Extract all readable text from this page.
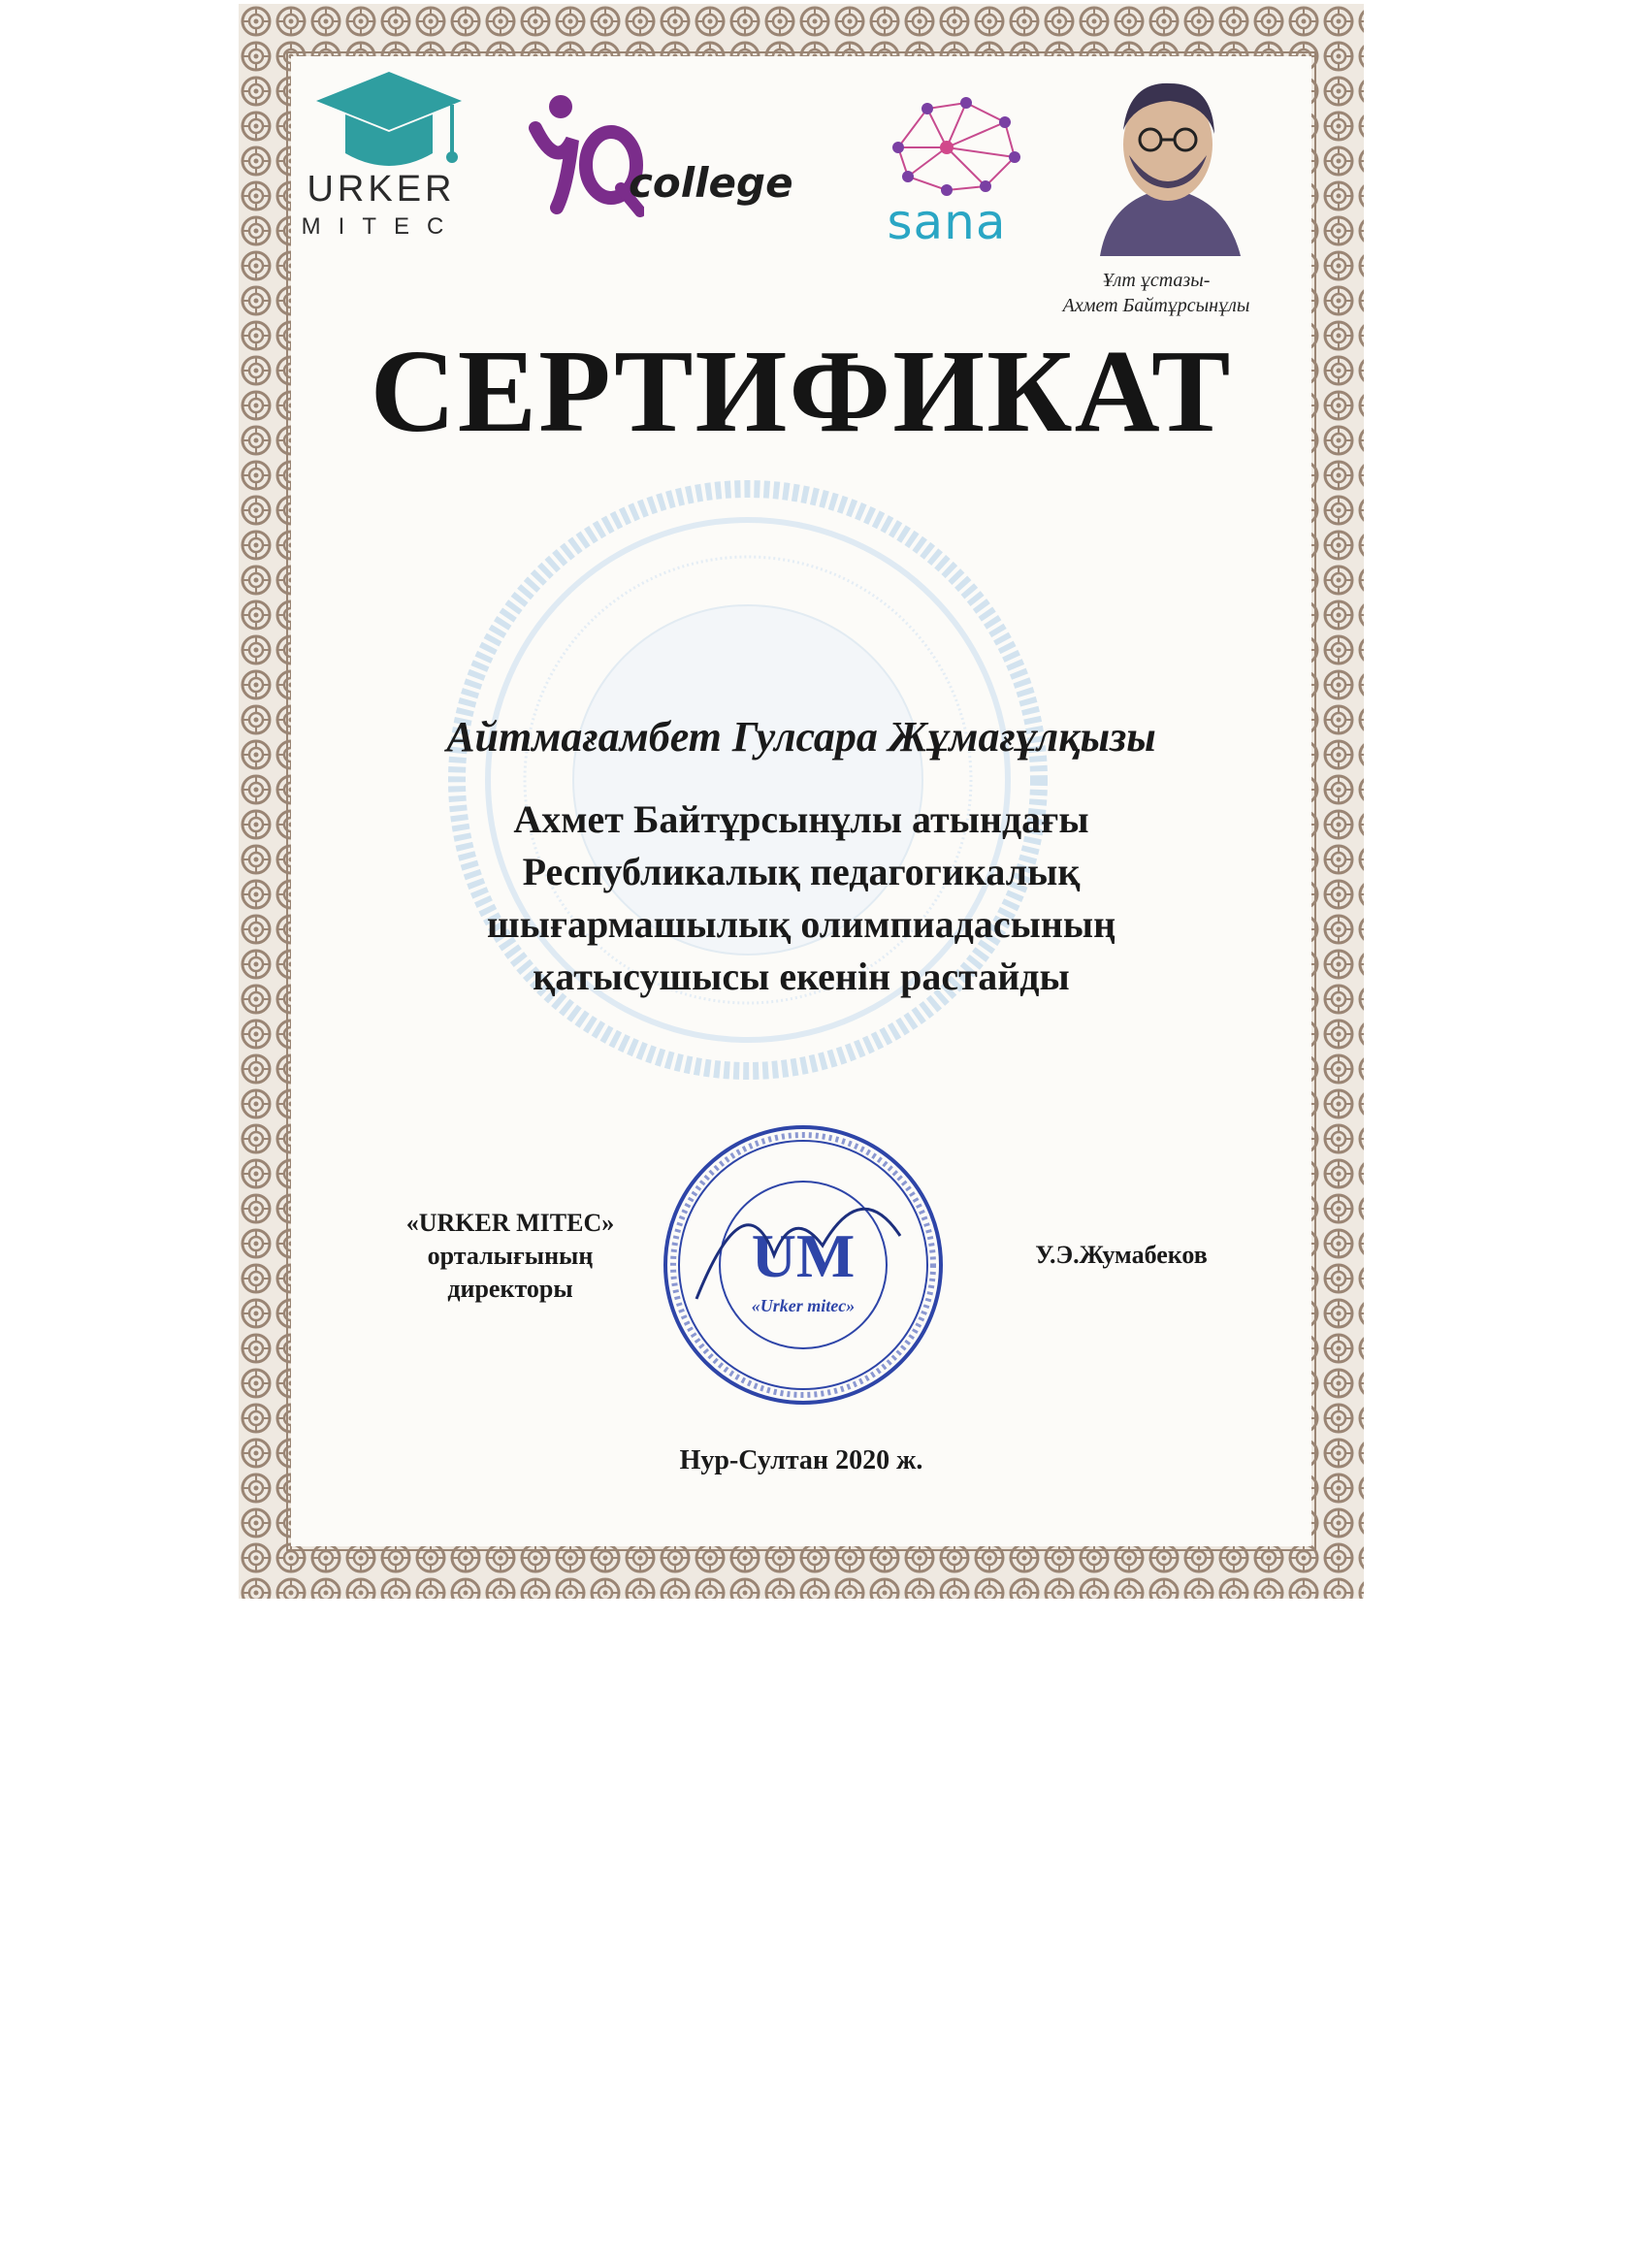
URKER
MITEC
college
sana
Ұлт ұстазы-
Ахмет Байтұрсынұлы
СЕРТИФИКАТ
Айтмағамбет Гулсара Жұмағұлқызы
Ахмет Байтұрсынұлы атындағы
Республикалық педагогикалық
шығармашылық олимпиадасының
қатысушысы екенін растайды
«URKER MITEC»
орталығының
директоры	UM
«Urker mitec»
У.Э.Жумабеков
Нур-Султан 2020 ж.
